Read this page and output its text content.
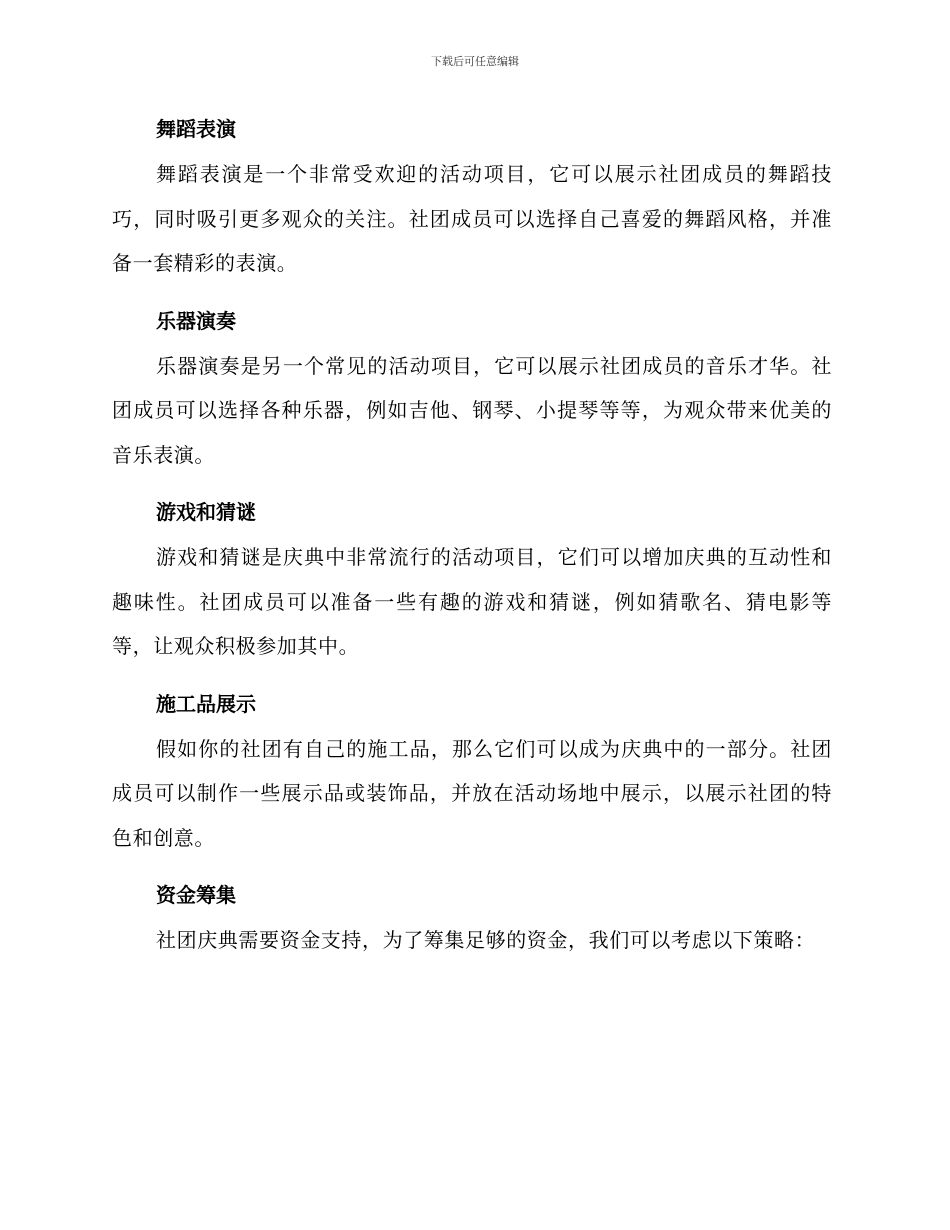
下载后可任意编辑
舞蹈表演

舞蹈表演是一个非常受欢迎的活动项目，它可以展示社团成员的舞蹈技巧，同时吸引更多观众的关注。社团成员可以选择自己喜爱的舞蹈风格，并准备一套精彩的表演。

乐器演奏

乐器演奏是另一个常见的活动项目，它可以展示社团成员的音乐才华。社团成员可以选择各种乐器，例如吉他、钢琴、小提琴等等，为观众带来优美的音乐表演。

游戏和猜谜

游戏和猜谜是庆典中非常流行的活动项目，它们可以增加庆典的互动性和趣味性。社团成员可以准备一些有趣的游戏和猜谜，例如猜歌名、猜电影等等，让观众积极参加其中。

施工品展示

假如你的社团有自己的施工品，那么它们可以成为庆典中的一部分。社团成员可以制作一些展示品或装饰品，并放在活动场地中展示，以展示社团的特色和创意。

资金筹集

社团庆典需要资金支持，为了筹集足够的资金，我们可以考虑以下策略：
